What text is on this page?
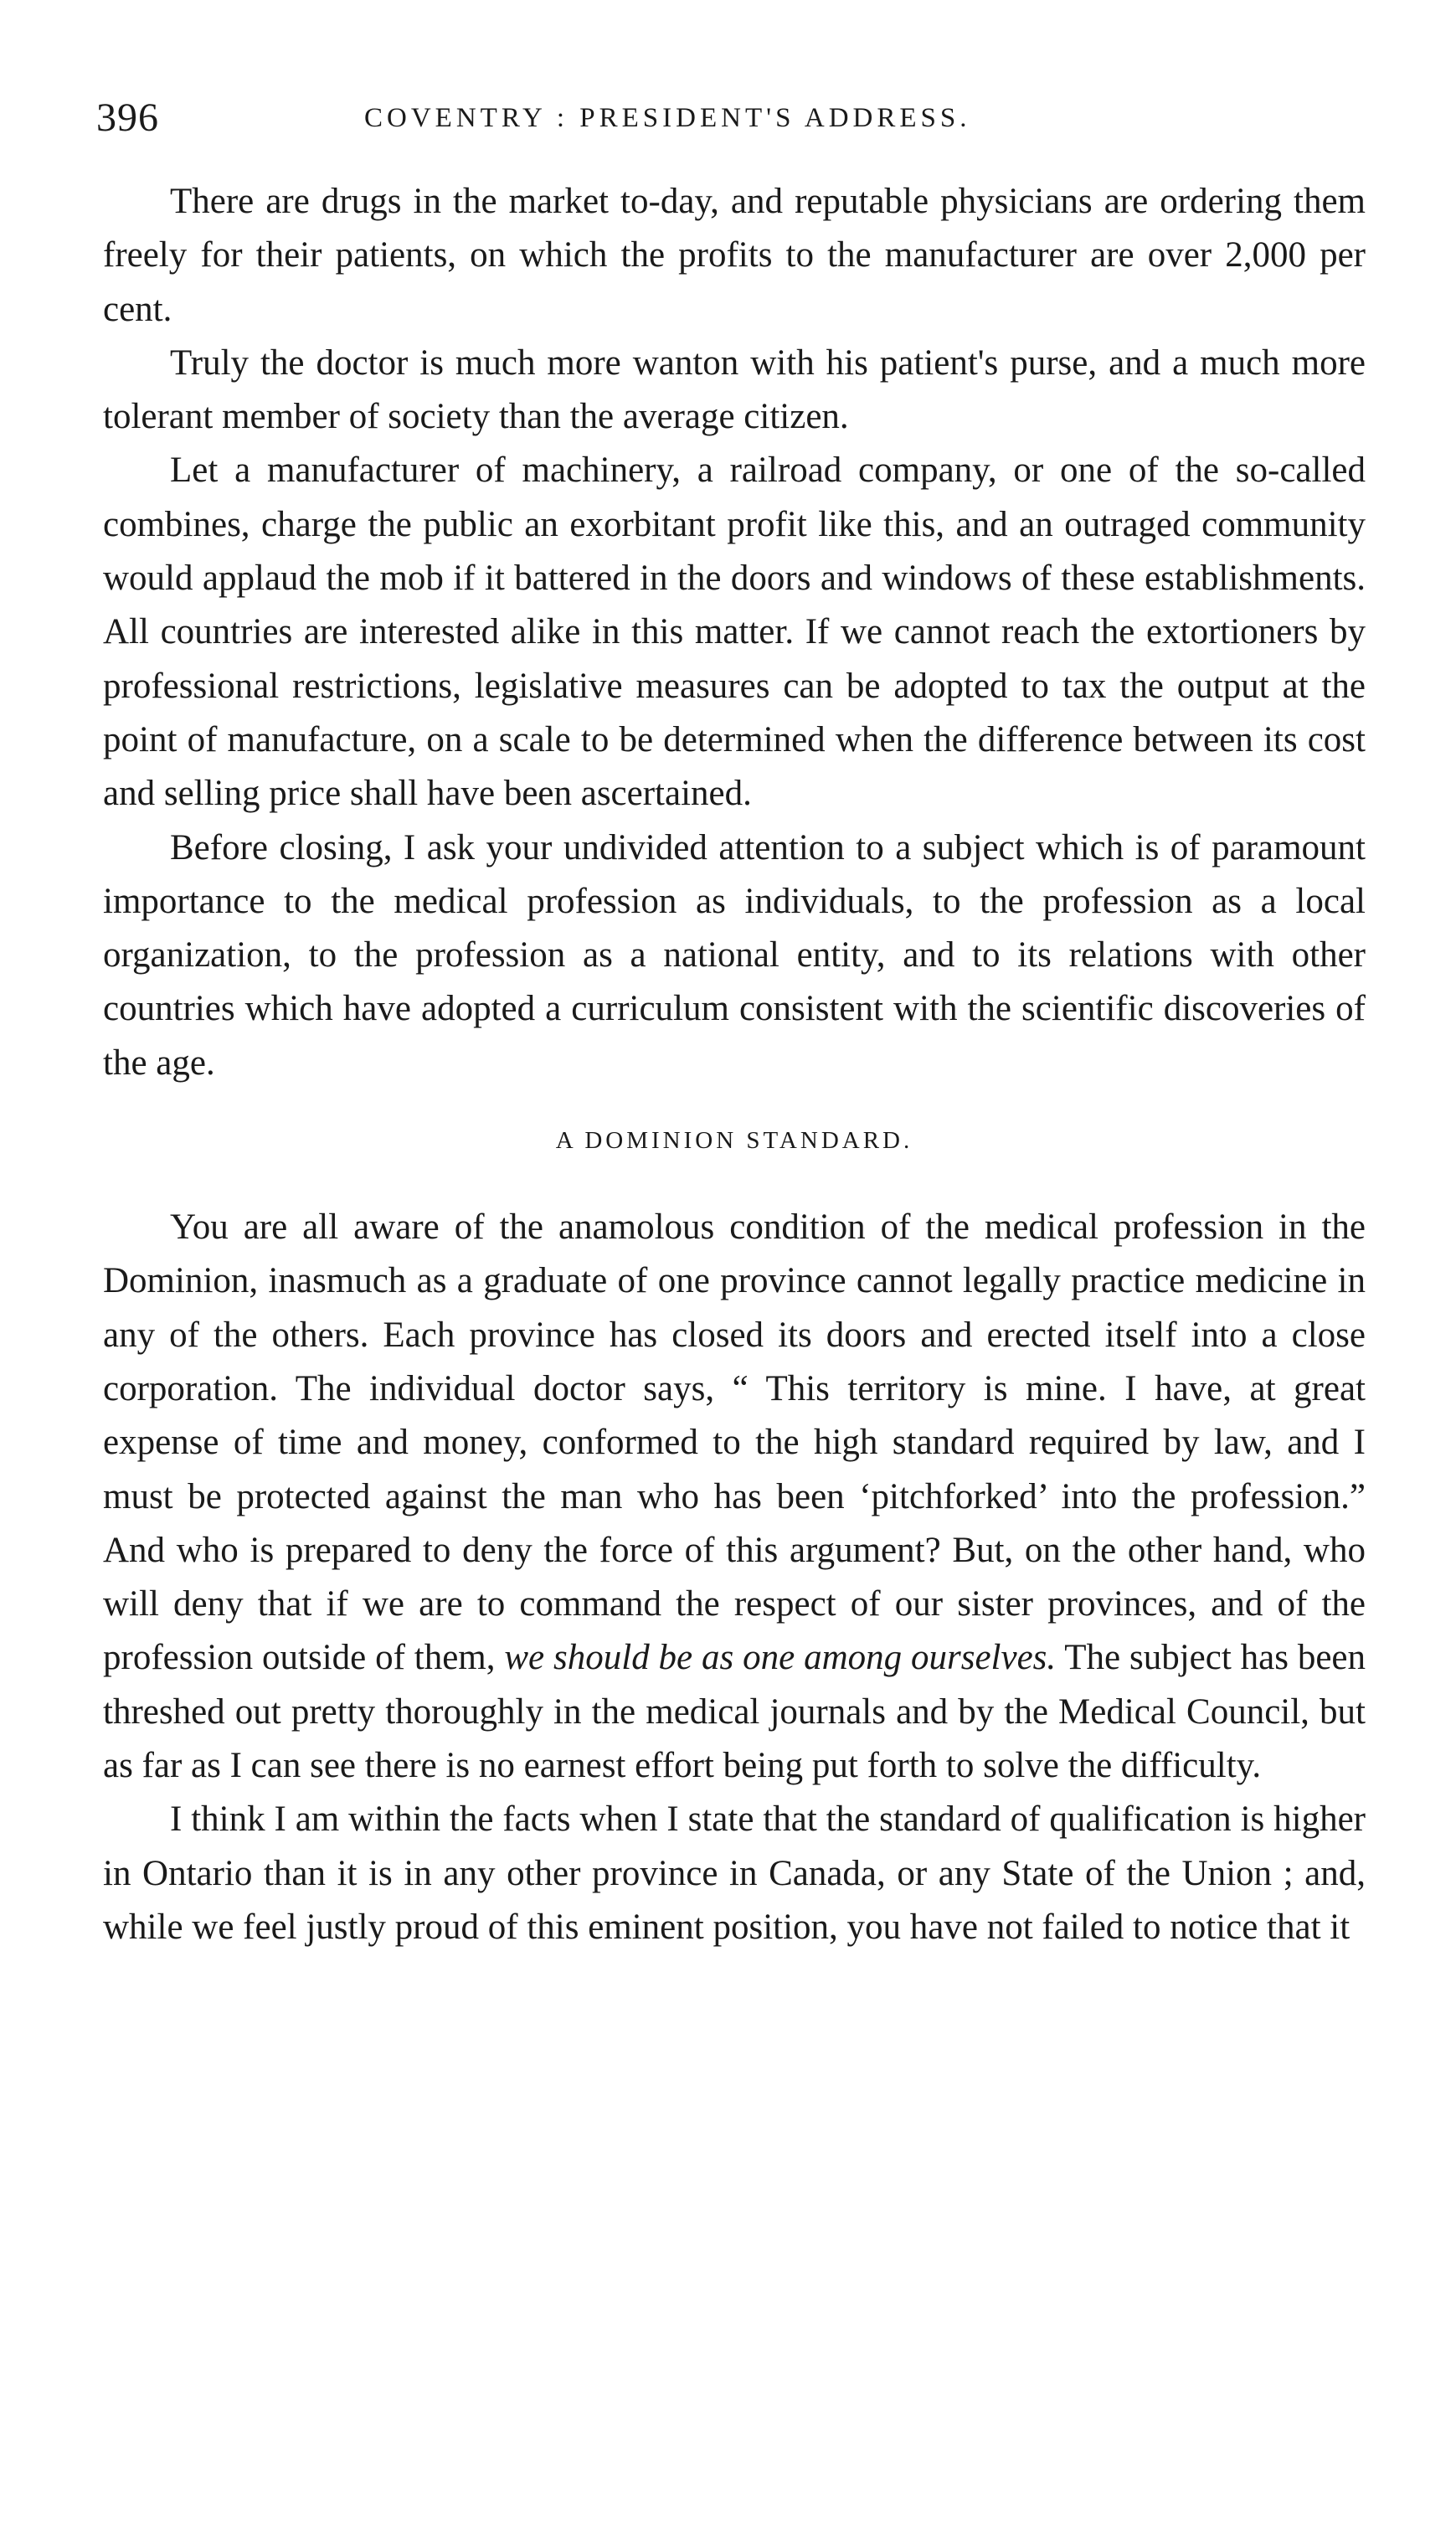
396	COVENTRY : PRESIDENT'S ADDRESS.

There are drugs in the market to-day, and reputable physicians are ordering them freely for their patients, on which the profits to the manufacturer are over 2,000 per cent.

Truly the doctor is much more wanton with his patient's purse, and a much more tolerant member of society than the average citizen.

Let a manufacturer of machinery, a railroad company, or one of the so-called combines, charge the public an exorbitant profit like this, and an outraged community would applaud the mob if it battered in the doors and windows of these establishments. All countries are interested alike in this matter. If we cannot reach the extortioners by professional restrictions, legislative measures can be adopted to tax the output at the point of manufacture, on a scale to be determined when the difference between its cost and selling price shall have been ascertained.

Before closing, I ask your undivided attention to a subject which is of paramount importance to the medical profession as individuals, to the profession as a local organization, to the profession as a national entity, and to its relations with other countries which have adopted a curriculum consistent with the scientific discoveries of the age.

A DOMINION STANDARD.

You are all aware of the anamolous condition of the medical profession in the Dominion, inasmuch as a graduate of one province cannot legally practice medicine in any of the others. Each province has closed its doors and erected itself into a close corporation. The individual doctor says, “ This territory is mine. I have, at great expense of time and money, conformed to the high standard required by law, and I must be protected against the man who has been ‘pitchforked’ into the profession.” And who is prepared to deny the force of this argument? But, on the other hand, who will deny that if we are to command the respect of our sister provinces, and of the profession outside of them, we should be as one among ourselves. The subject has been threshed out pretty thoroughly in the medical journals and by the Medical Council, but as far as I can see there is no earnest effort being put forth to solve the difficulty.

I think I am within the facts when I state that the standard of qualification is higher in Ontario than it is in any other province in Canada, or any State of the Union ; and, while we feel justly proud of this eminent position, you have not failed to notice that it
